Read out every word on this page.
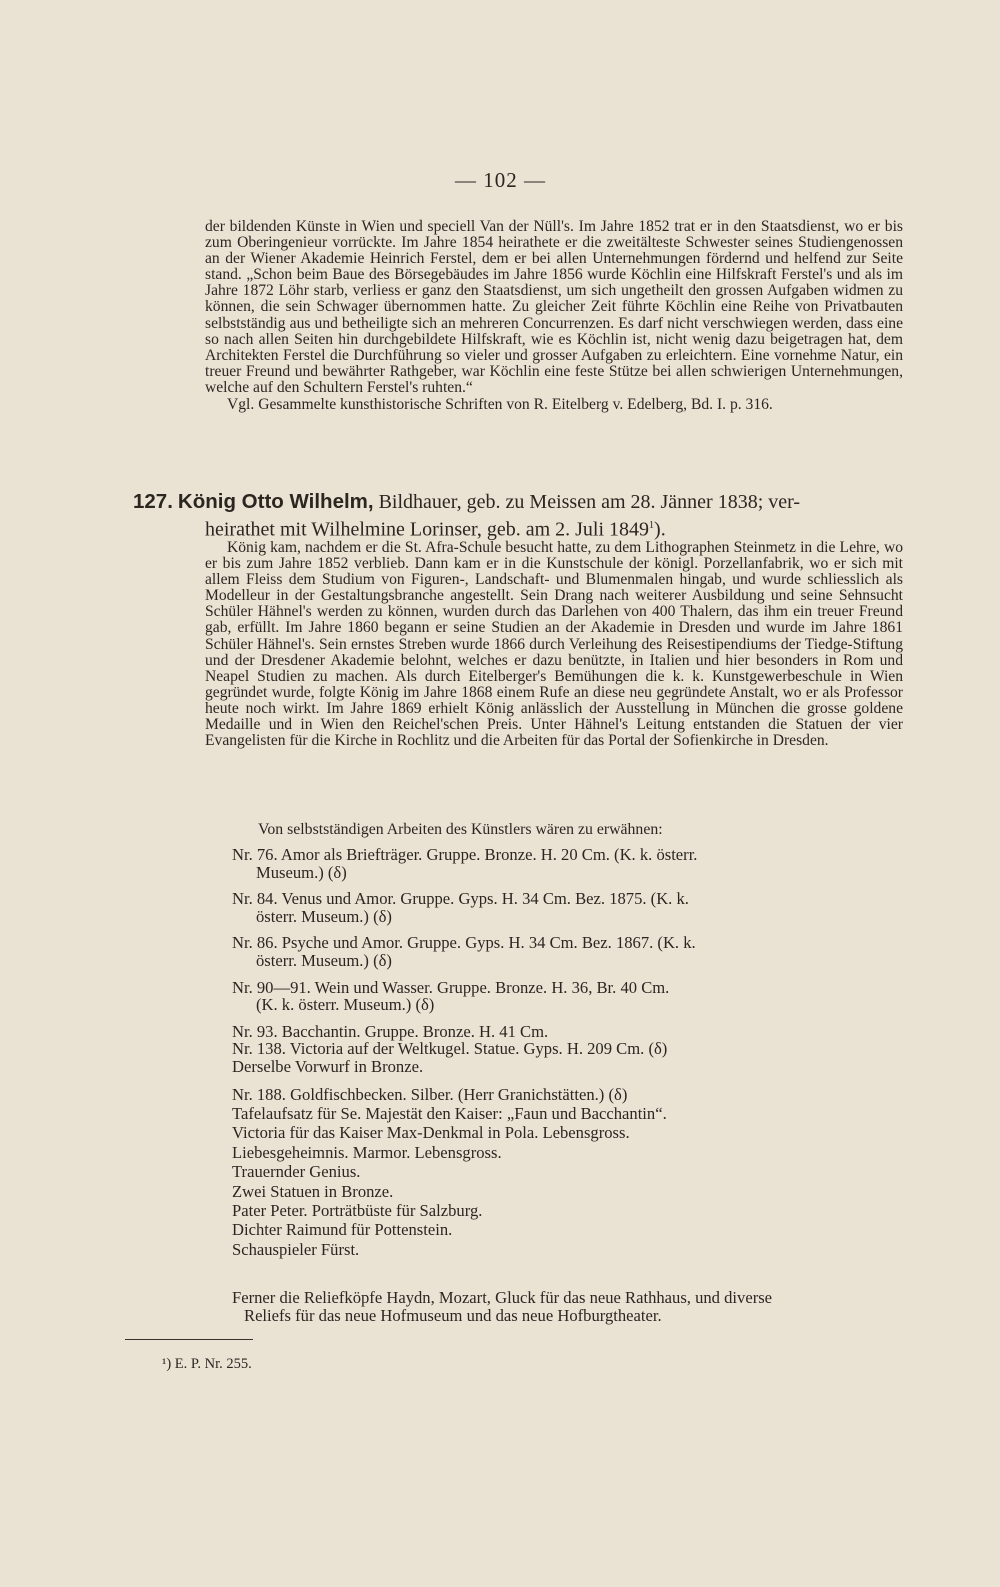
— 102 —

der bildenden Künste in Wien und speciell Van der Nüll's. Im Jahre 1852 trat er in den Staatsdienst, wo er bis zum Oberingenieur vorrückte. Im Jahre 1854 heirathete er die zweitälteste Schwester seines Studiengenossen an der Wiener Akademie Heinrich Ferstel, dem er bei allen Unternehmungen fördernd und helfend zur Seite stand. „Schon beim Baue des Börsegebäudes im Jahre 1856 wurde Köchlin eine Hilfskraft Ferstel's und als im Jahre 1872 Löhr starb, verliess er ganz den Staatsdienst, um sich ungetheilt den grossen Aufgaben widmen zu können, die sein Schwager übernommen hatte. Zu gleicher Zeit führte Köchlin eine Reihe von Privatbauten selbstständig aus und betheiligte sich an mehreren Concurrenzen. Es darf nicht verschwiegen werden, dass eine so nach allen Seiten hin durchgebildete Hilfskraft, wie es Köchlin ist, nicht wenig dazu beigetragen hat, dem Architekten Ferstel die Durchführung so vieler und grosser Aufgaben zu erleichtern. Eine vornehme Natur, ein treuer Freund und bewährter Rathgeber, war Köchlin eine feste Stütze bei allen schwierigen Unternehmungen, welche auf den Schultern Ferstel's ruhten.“

Vgl. Gesammelte kunsthistorische Schriften von R. Eitelberg v. Edelberg, Bd. I. p. 316.

127. König Otto Wilhelm, Bildhauer, geb. zu Meissen am 28. Jänner 1838; ver-
heirathet mit Wilhelmine Lorinser, geb. am 2. Juli 1849$^1$).

König kam, nachdem er die St. Afra-Schule besucht hatte, zu dem Lithographen Steinmetz in die Lehre, wo er bis zum Jahre 1852 verblieb. Dann kam er in die Kunstschule der königl. Porzellanfabrik, wo er sich mit allem Fleiss dem Studium von Figuren-, Landschaft- und Blumenmalen hingab, und wurde schliesslich als Modelleur in der Gestaltungsbranche angestellt. Sein Drang nach weiterer Ausbildung und seine Sehnsucht Schüler Hähnel's werden zu können, wurden durch das Darlehen von 400 Thalern, das ihm ein treuer Freund gab, erfüllt. Im Jahre 1860 begann er seine Studien an der Akademie in Dresden und wurde im Jahre 1861 Schüler Hähnel's. Sein ernstes Streben wurde 1866 durch Verleihung des Reisestipendiums der Tiedge-Stiftung und der Dresdener Akademie belohnt, welches er dazu benützte, in Italien und hier besonders in Rom und Neapel Studien zu machen. Als durch Eitelberger's Bemühungen die k. k. Kunstgewerbeschule in Wien gegründet wurde, folgte König im Jahre 1868 einem Rufe an diese neu gegründete Anstalt, wo er als Professor heute noch wirkt. Im Jahre 1869 erhielt König anlässlich der Ausstellung in München die grosse goldene Medaille und in Wien den Reichel'schen Preis. Unter Hähnel's Leitung entstanden die Statuen der vier Evangelisten für die Kirche in Rochlitz und die Arbeiten für das Portal der Sofienkirche in Dresden.

Von selbstständigen Arbeiten des Künstlers wären zu erwähnen:
Nr. 76. Amor als Briefträger. Gruppe. Bronze. H. 20 Cm. (K. k. österr.
Museum.) (δ)
Nr. 84. Venus und Amor. Gruppe. Gyps. H. 34 Cm. Bez. 1875. (K. k.
österr. Museum.) (δ)
Nr. 86. Psyche und Amor. Gruppe. Gyps. H. 34 Cm. Bez. 1867. (K. k.
österr. Museum.) (δ)
Nr. 90—91. Wein und Wasser. Gruppe. Bronze. H. 36, Br. 40 Cm.
(K. k. österr. Museum.) (δ)
Nr. 93. Bacchantin. Gruppe. Bronze. H. 41 Cm.
Nr. 138. Victoria auf der Weltkugel. Statue. Gyps. H. 209 Cm. (δ)
Derselbe Vorwurf in Bronze.
Nr. 188. Goldfischbecken. Silber. (Herr Granichstätten.) (δ)
Tafelaufsatz für Se. Majestät den Kaiser: „Faun und Bacchantin“.
Victoria für das Kaiser Max-Denkmal in Pola. Lebensgross.
Liebesgeheimnis. Marmor. Lebensgross.
Trauernder Genius.
Zwei Statuen in Bronze.
Pater Peter. Porträtbüste für Salzburg.
Dichter Raimund für Pottenstein.
Schauspieler Fürst.
Ferner die Reliefköpfe Haydn, Mozart, Gluck für das neue Rathhaus, und diverse
Reliefs für das neue Hofmuseum und das neue Hofburgtheater.
¹) E. P. Nr. 255.
